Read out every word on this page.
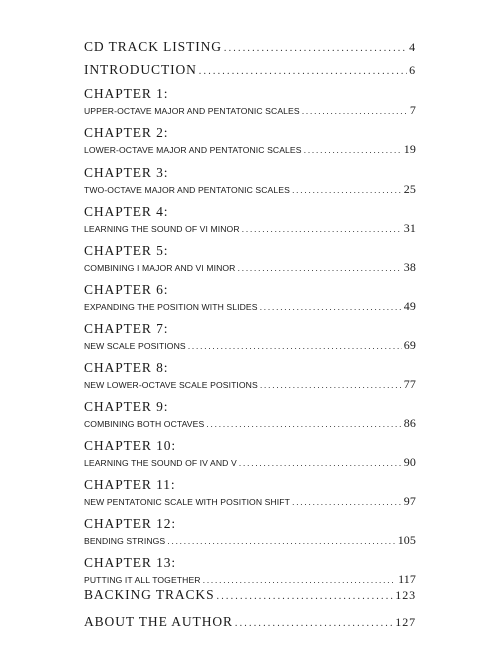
CD TRACK LISTING .....	4
INTRODUCTION .....	6
CHAPTER 1:
UPPER-OCTAVE MAJOR AND PENTATONIC SCALES .....	7
CHAPTER 2:
LOWER-OCTAVE MAJOR AND PENTATONIC SCALES .....	19
CHAPTER 3:
TWO-OCTAVE MAJOR AND PENTATONIC SCALES .....	25
CHAPTER 4:
LEARNING THE SOUND OF VI MINOR .....	31
CHAPTER 5:
COMBINING I MAJOR AND VI MINOR .....	38
CHAPTER 6:
EXPANDING THE POSITION WITH SLIDES .....	49
CHAPTER 7:
NEW SCALE POSITIONS .....	69
CHAPTER 8:
NEW LOWER-OCTAVE SCALE POSITIONS .....	77
CHAPTER 9:
COMBINING BOTH OCTAVES .....	86
CHAPTER 10:
LEARNING THE SOUND OF IV AND V .....	90
CHAPTER 11:
NEW PENTATONIC SCALE WITH POSITION SHIFT .....	97
CHAPTER 12:
BENDING STRINGS .....	105
CHAPTER 13:
PUTTING IT ALL TOGETHER .....	117
BACKING TRACKS .....	123
ABOUT THE AUTHOR .....	127
